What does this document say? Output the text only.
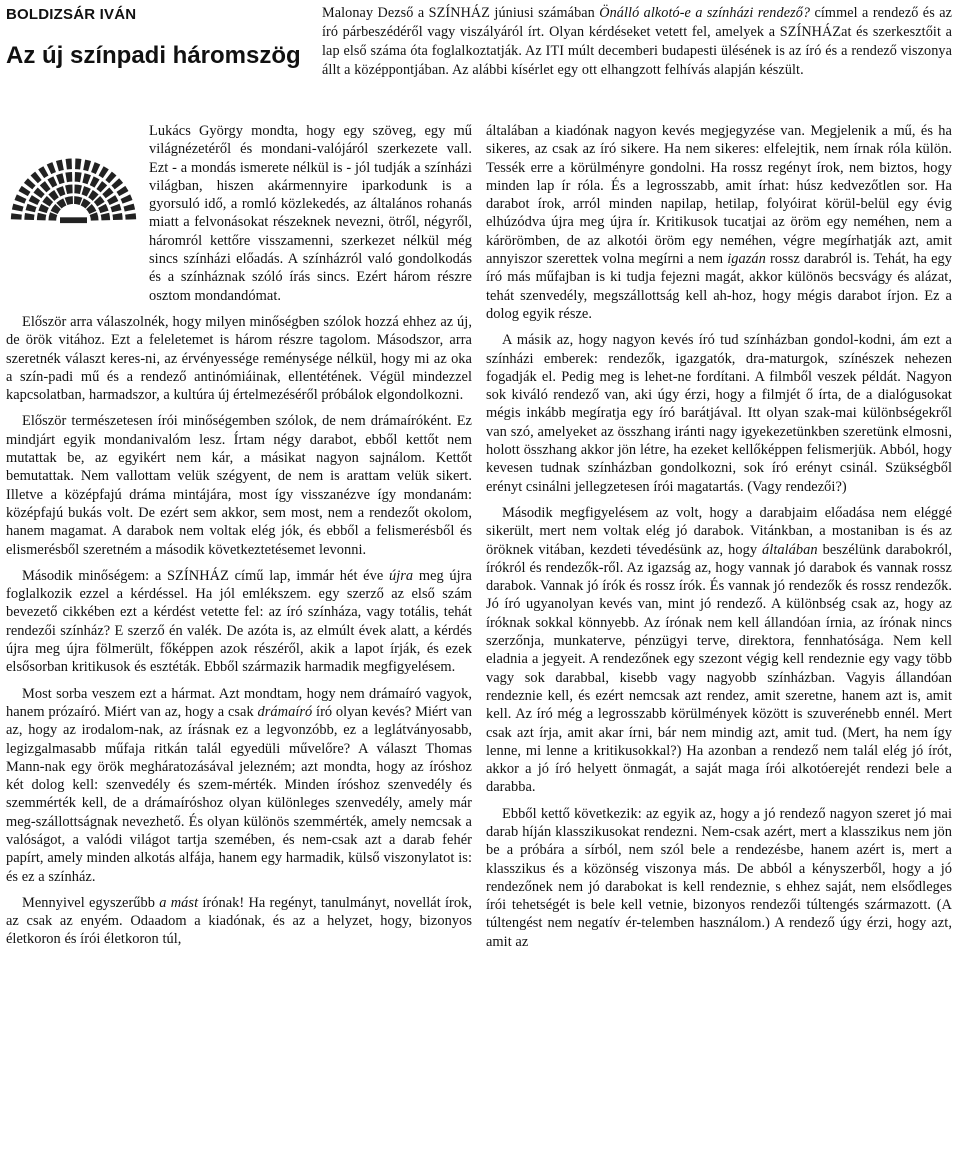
BOLDIZSÁR IVÁN
Az új színpadi háromszög
Malonay Dezső a SZÍNHÁZ júniusi számában Önálló alkotó-e a színházi rendező? címmel a rendező és az író párbeszédéről vagy viszályáról írt. Olyan kérdéseket vetett fel, amelyek a SZÍNHÁZat és szerkesztőit a lap első száma óta foglalkoztatják. Az ITI múlt decemberi budapesti ülésének is az író és a rendező viszonya állt a középpontjában. Az alábbi kísérlet egy ott elhangzott felhívás alapján készült.

Lukács György mondta, hogy egy szöveg, egy mű világnézetéről és mondani-valójáról szerkezete vall. Ezt - a mondás ismerete nélkül is - jól tudják a színházi világban, hiszen akármennyire iparkodunk is a gyorsuló idő, a romló közlekedés, az általános rohanás miatt a felvonásokat részeknek nevezni, ötről, négyről, háromról kettőre visszamenni, szerkezet nélkül még sincs színházi előadás. A színházról való gondolkodás és a színháznak szóló írás sincs. Ezért három részre osztom mondandómat.

Először arra válaszolnék, hogy milyen minőségben szólok hozzá ehhez az új, de örök vitához. Ezt a feleletemet is három részre tagolom. Másodszor, arra szeretnék választ keres-ni, az érvényessége reménysége nélkül, hogy mi az oka a szín-padi mű és a rendező antinómiáinak, ellentétének. Végül mindezzel kapcsolatban, harmadszor, a kultúra új értelmezéséről próbálok elgondolkozni.

Először természetesen írói minőségemben szólok, de nem drámaíróként. Ez mindjárt egyik mondanivalóm lesz. Írtam négy darabot, ebből kettőt nem mutattak be, az egyikért nem kár, a másikat nagyon sajnálom. Kettőt bemutattak. Nem vallottam velük szégyent, de nem is arattam velük sikert. Illetve a középfajú dráma mintájára, most így visszanézve így mondanám: középfajú bukás volt. De ezért sem akkor, sem most, nem a rendezőt okolom, hanem magamat. A darabok nem voltak elég jók, és ebből a felismerésből és elismerésből szeretném a második következtetésemet levonni.

Második minőségem: a SZÍNHÁZ című lap, immár hét éve újra meg újra foglalkozik ezzel a kérdéssel. Ha jól emlékszem. egy szerző az első szám bevezető cikkében ezt a kérdést vetette fel: az író színháza, vagy totális, tehát rendezői színház? E szerző én valék. De azóta is, az elmúlt évek alatt, a kérdés újra meg újra fölmerült, főképpen azok részéről, akik a lapot írják, és ezek elsősorban kritikusok és esztéták. Ebből származik harmadik megfigyelésem.

Most sorba veszem ezt a hármat. Azt mondtam, hogy nem drámaíró vagyok, hanem prózaíró. Miért van az, hogy a csak drámaíró író olyan kevés? Miért van az, hogy az irodalom-nak, az írásnak ez a legvonzóbb, ez a leglátványosabb, legizgalmasabb műfaja ritkán talál egyedüli művelőre? A választ Thomas Mann-nak egy örök megháratozásával jelezném; azt mondta, hogy az íróshoz két dolog kell: szenvedély és szem-mérték. Minden íróshoz szenvedély és szemmérték kell, de a drámaíróshoz olyan különleges szenvedély, amely már meg-szállottságnak nevezhető. És olyan különös szemmérték, amely nemcsak a valóságot, a valódi világot tartja szemében, és nem-csak azt a darab fehér papírt, amely minden alkotás alfája, hanem egy harmadik, külső viszonylatot is: és ez a színház.

Mennyivel egyszerűbb a mást írónak! Ha regényt, tanulmányt, novellát írok, az csak az enyém. Odaadom a kiadónak, és az a helyzet, hogy, bizonyos életkoron és írói életkoron túl,

általában a kiadónak nagyon kevés megjegyzése van. Megjelenik a mű, és ha sikeres, az csak az író sikere. Ha nem sikeres: elfelejtik, nem írnak róla külön. Tessék erre a körülményre gondolni. Ha rossz regényt írok, nem biztos, hogy minden lap ír róla. És a legrosszabb, amit írhat: húsz kedvezőtlen sor. Ha darabot írok, arról minden napilap, hetilap, folyóirat körül-belül egy évig elhúzódva újra meg újra ír. Kritikusok tucatjai az öröm egy neméhen, nem a kárörömben, de az alkotói öröm egy neméhen, végre megírhatják azt, amit annyiszor szerettek volna megírni a nem igazán rossz darabról is. Tehát, ha egy író más műfajban is ki tudja fejezni magát, akkor különös becsvágy és alázat, tehát szenvedély, megszállottság kell ah-hoz, hogy mégis darabot írjon. Ez a dolog egyik része.

A másik az, hogy nagyon kevés író tud színházban gondol-kodni, ám ezt a színházi emberek: rendezők, igazgatók, dra-maturgok, színészek nehezen fogadják el. Pedig meg is lehet-ne fordítani. A filmből veszek példát. Nagyon sok kiváló rendező van, aki úgy érzi, hogy a filmjét ő írta, de a dialógusokat mégis inkább megíratja egy író barátjával. Itt olyan szak-mai különbségekről van szó, amelyeket az összhang iránti nagy igyekezetünkben szeretünk elmosni, holott összhang akkor jön létre, ha ezeket kellőképpen felismerjük. Abból, hogy kevesen tudnak színházban gondolkozni, sok író erényt csinál. Szükségből erényt csinálni jellegzetesen írói magatartás. (Vagy rendezői?)

Második megfigyelésem az volt, hogy a darabjaim előadása nem eléggé sikerült, mert nem voltak elég jó darabok. Vitánkban, a mostaniban is és az öröknek vitában, kezdeti tévedésünk az, hogy általában beszélünk darabokról, írókról és rendezők-ről. Az igazság az, hogy vannak jó darabok és vannak rossz darabok. Vannak jó írók és rossz írók. És vannak jó rendezők és rossz rendezők. Jó író ugyanolyan kevés van, mint jó rendező. A különbség csak az, hogy az íróknak sokkal könnyebb. Az írónak nem kell állandóan írnia, az írónak nincs szerzőnja, munkaterve, pénzügyi terve, direktora, fennhatósága. Nem kell eladnia a jegyeit. A rendezőnek egy szezont végig kell rendeznie egy vagy több vagy sok darabbal, kisebb vagy nagyobb színházban. Vagyis állandóan rendeznie kell, és ezért nemcsak azt rendez, amit szeretne, hanem azt is, amit kell. Az író még a legrosszabb körülmények között is szuverénebb ennél. Mert csak azt írja, amit akar írni, bár nem mindig azt, amit tud. (Mert, ha nem így lenne, mi lenne a kritikusokkal?) Ha azonban a rendező nem talál elég jó írót, akkor a jó író helyett önmagát, a saját maga írói alkotóerejét rendezi bele a darabba.

Ebből kettő következik: az egyik az, hogy a jó rendező nagyon szeret jó mai darab híján klasszikusokat rendezni. Nem-csak azért, mert a klasszikus nem jön be a próbára a sírból, nem szól bele a rendezésbe, hanem azért is, mert a klasszikus és a közönség viszonya más. De abból a kényszerből, hogy a jó rendezőnek nem jó darabokat is kell rendeznie, s ehhez saját, nem elsődleges írói tehetségét is bele kell vetnie, bizonyos rendezői túltengés származott. (A túltengést nem negatív ér-telemben használom.) A rendező úgy érzi, hogy azt, amit az
